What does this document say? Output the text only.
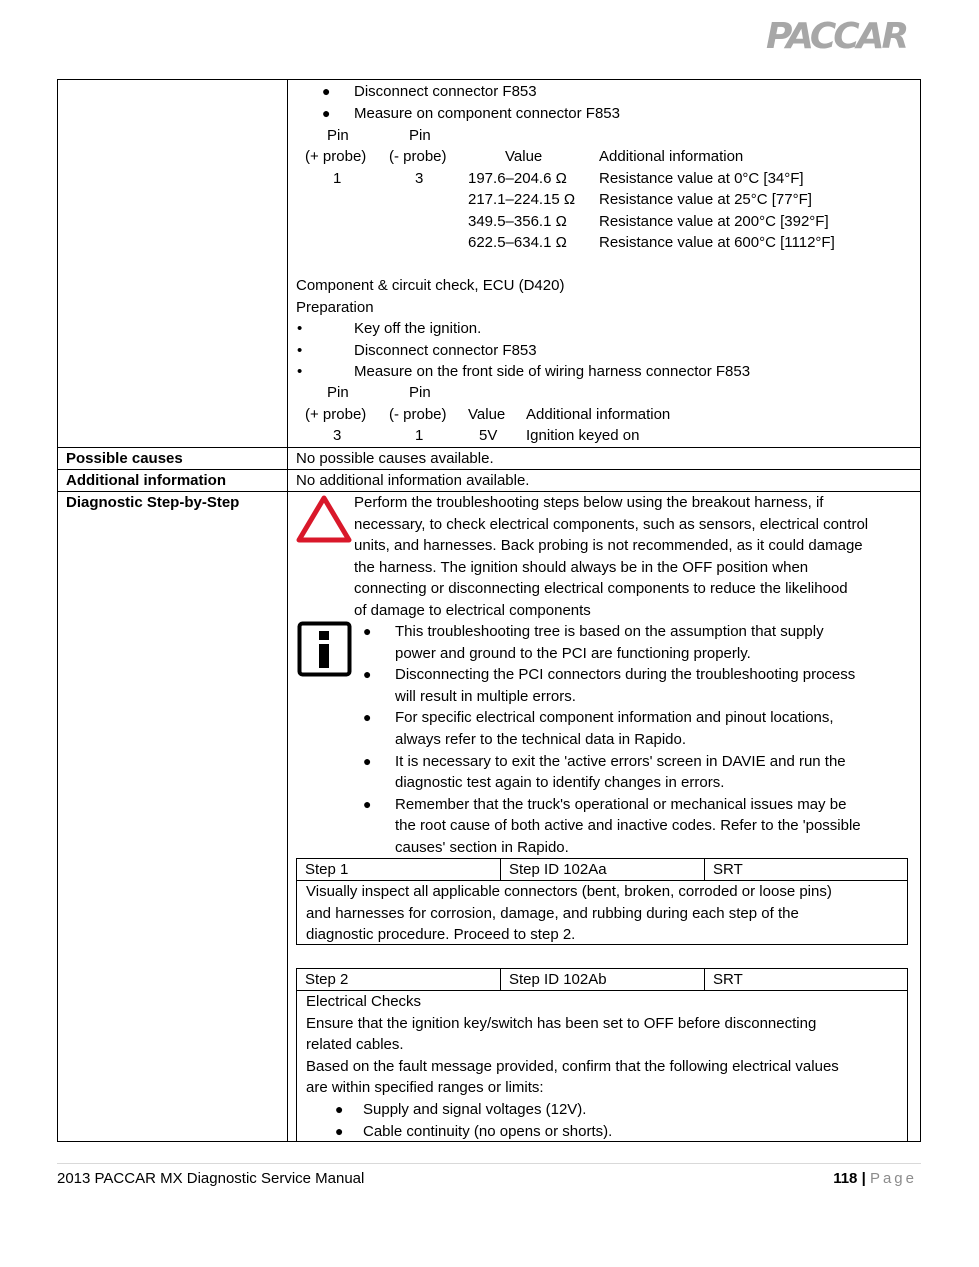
PACCAR
● Disconnect connector F853
● Measure on component connector F853
Pin	Pin
(+ probe) (- probe)	Value	Additional information
1	3	197.6–204.6 Ω Resistance value at 0°C [34°F]
217.1–224.15 Ω Resistance value at 25°C [77°F]
349.5–356.1 Ω Resistance value at 200°C [392°F]
622.5–634.1 Ω Resistance value at 600°C [1112°F]
Component & circuit check, ECU (D420)
Preparation
•	Key off the ignition.
•	Disconnect connector F853
•	Measure on the front side of wiring harness connector F853
Pin	Pin
(+ probe) (- probe) Value Additional information
3	1	5V Ignition keyed on
Possible causes	No possible causes available.
Additional information	No additional information available.
Diagnostic Step-by-Step	Perform the troubleshooting steps below using the breakout harness, if
necessary, to check electrical components, such as sensors, electrical control
units, and harnesses. Back probing is not recommended, as it could damage
the harness. The ignition should always be in the OFF position when
connecting or disconnecting electrical components to reduce the likelihood
of damage to electrical components
● This troubleshooting tree is based on the assumption that supply
power and ground to the PCI are functioning properly.
● Disconnecting the PCI connectors during the troubleshooting process
will result in multiple errors.
● For specific electrical component information and pinout locations,
always refer to the technical data in Rapido.
● It is necessary to exit the 'active errors' screen in DAVIE and run the
diagnostic test again to identify changes in errors.
● Remember that the truck's operational or mechanical issues may be
the root cause of both active and inactive codes. Refer to the 'possible
causes' section in Rapido.
Step 1	Step ID 102Aa	SRT
Visually inspect all applicable connectors (bent, broken, corroded or loose pins)
and harnesses for corrosion, damage, and rubbing during each step of the
diagnostic procedure. Proceed to step 2.
Step 2	Step ID 102Ab	SRT
Electrical Checks
Ensure that the ignition key/switch has been set to OFF before disconnecting
related cables.
Based on the fault message provided, confirm that the following electrical values
are within specified ranges or limits:
● Supply and signal voltages (12V).
● Cable continuity (no opens or shorts).
2013 PACCAR MX Diagnostic Service Manual	118 | Page
